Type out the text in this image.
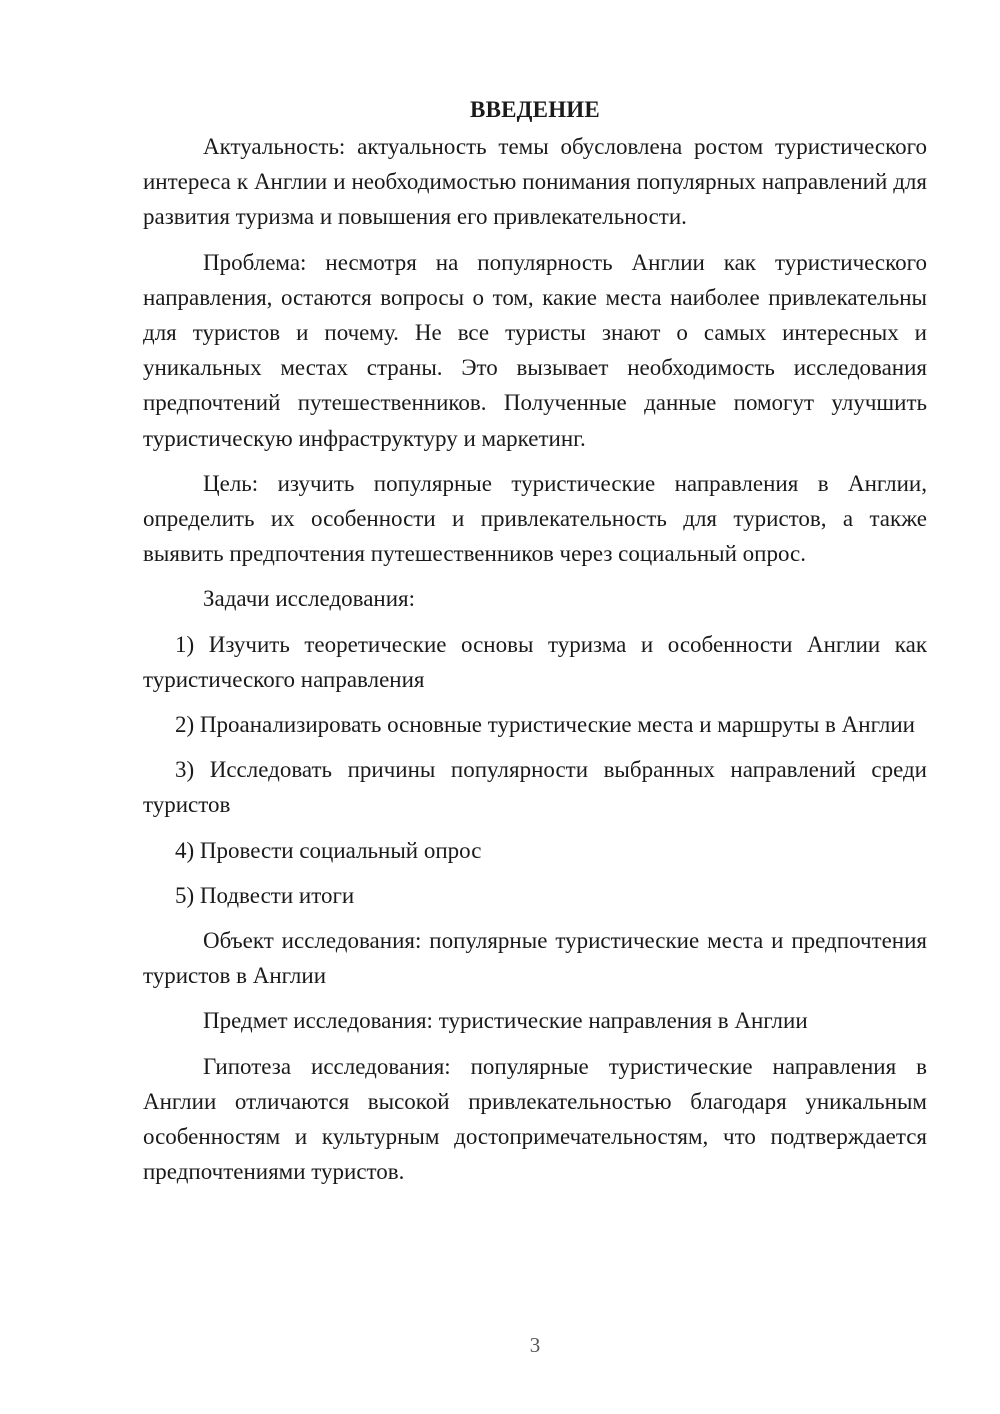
ВВЕДЕНИЕ

Актуальность: актуальность темы обусловлена ростом туристического интереса к Англии и необходимостью понимания популярных направлений для развития туризма и повышения его привлекательности.

Проблема: несмотря на популярность Англии как туристического направления, остаются вопросы о том, какие места наиболее привлекательны для туристов и почему. Не все туристы знают о самых интересных и уникальных местах страны. Это вызывает необходимость исследования предпочтений путешественников. Полученные данные помогут улучшить туристическую инфраструктуру и маркетинг.

Цель: изучить популярные туристические направления в Англии, определить их особенности и привлекательность для туристов, а также выявить предпочтения путешественников через социальный опрос.

Задачи исследования:

1) Изучить теоретические основы туризма и особенности Англии как туристического направления

2) Проанализировать основные туристические места и маршруты в Англии

3) Исследовать причины популярности выбранных направлений среди туристов

4) Провести социальный опрос

5) Подвести итоги

Объект исследования: популярные туристические места и предпочтения туристов в Англии

Предмет исследования: туристические направления в Англии

Гипотеза исследования: популярные туристические направления в Англии отличаются высокой привлекательностью благодаря уникальным особенностям и культурным достопримечательностям, что подтверждается предпочтениями туристов.

3
